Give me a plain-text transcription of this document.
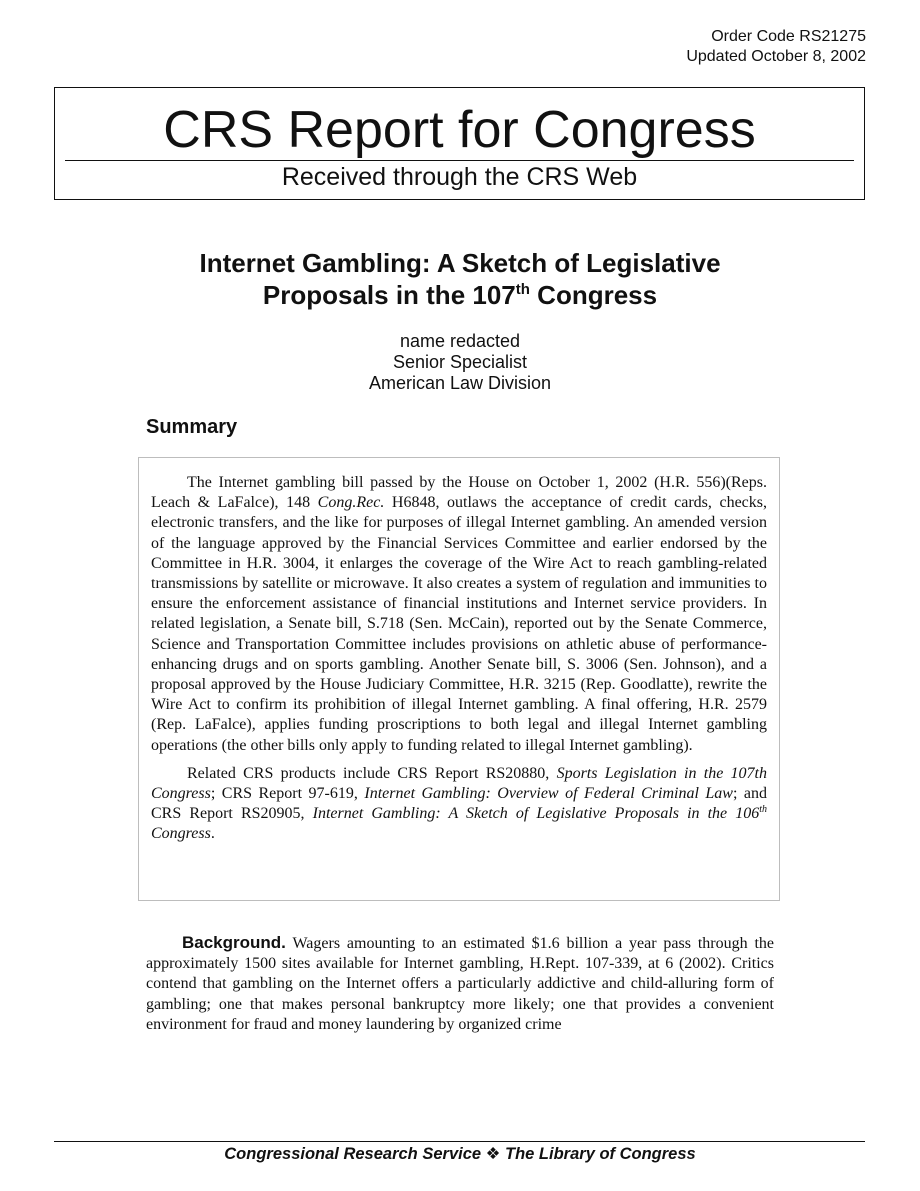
Order Code RS21275
Updated October 8, 2002
CRS Report for Congress
Received through the CRS Web
Internet Gambling: A Sketch of Legislative
Proposals in the 107th Congress
name redacted
Senior Specialist
American Law Division
Summary

The Internet gambling bill passed by the House on October 1, 2002 (H.R. 556)(Reps. Leach & LaFalce), 148 Cong.Rec. H6848, outlaws the acceptance of credit cards, checks, electronic transfers, and the like for purposes of illegal Internet gambling. An amended version of the language approved by the Financial Services Committee and earlier endorsed by the Committee in H.R. 3004, it enlarges the coverage of the Wire Act to reach gambling-related transmissions by satellite or microwave. It also creates a system of regulation and immunities to ensure the enforcement assistance of financial institutions and Internet service providers. In related legislation, a Senate bill, S.718 (Sen. McCain), reported out by the Senate Commerce, Science and Transportation Committee includes provisions on athletic abuse of performance-enhancing drugs and on sports gambling. Another Senate bill, S. 3006 (Sen. Johnson), and a proposal approved by the House Judiciary Committee, H.R. 3215 (Rep. Goodlatte), rewrite the Wire Act to confirm its prohibition of illegal Internet gambling. A final offering, H.R. 2579 (Rep. LaFalce), applies funding proscriptions to both legal and illegal Internet gambling operations (the other bills only apply to funding related to illegal Internet gambling).

Related CRS products include CRS Report RS20880, Sports Legislation in the 107th Congress; CRS Report 97-619, Internet Gambling: Overview of Federal Criminal Law; and CRS Report RS20905, Internet Gambling: A Sketch of Legislative Proposals in the 106th Congress.

Background. Wagers amounting to an estimated $1.6 billion a year pass through the approximately 1500 sites available for Internet gambling, H.Rept. 107-339, at 6 (2002). Critics contend that gambling on the Internet offers a particularly addictive and child-alluring form of gambling; one that makes personal bankruptcy more likely; one that provides a convenient environment for fraud and money laundering by organized crime

Congressional Research Service ❖ The Library of Congress
